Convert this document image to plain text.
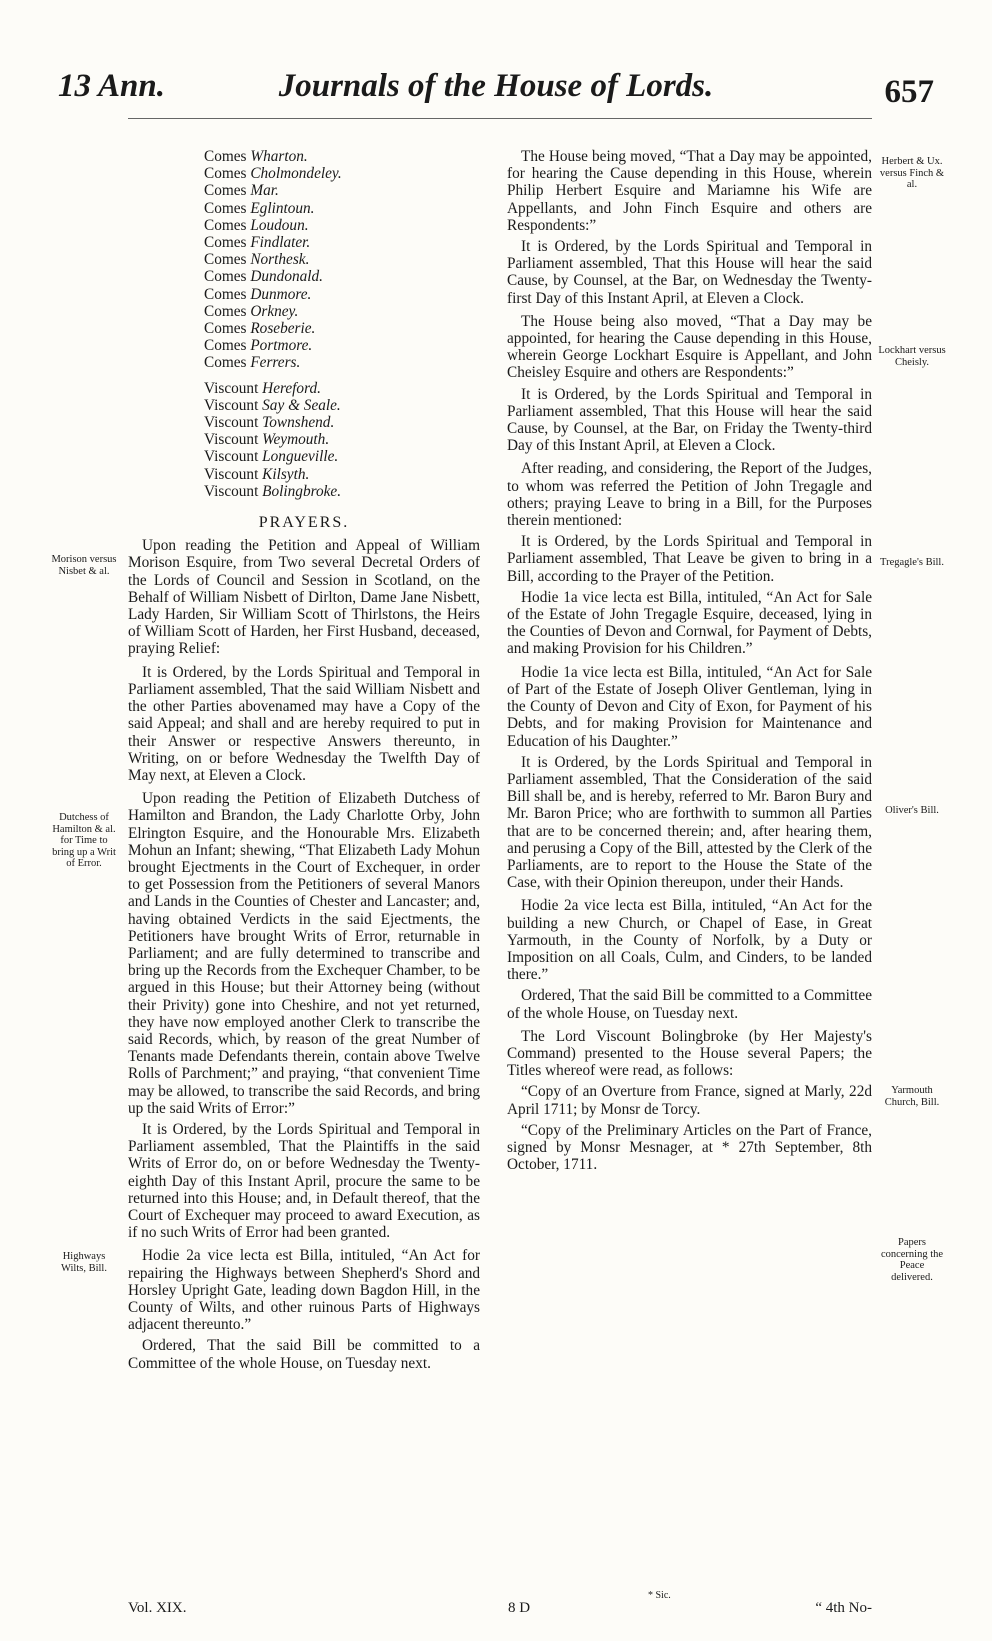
13 Ann.	Journals of the House of Lords.	657
Comes Wharton.
Comes Cholmondeley.
Comes Mar.
Comes Eglintoun.
Comes Loudoun.
Comes Findlater.
Comes Northesk.
Comes Dundonald.
Comes Dunmore.
Comes Orkney.
Comes Roseberie.
Comes Portmore.
Comes Ferrers.
Viscount Hereford.
Viscount Say & Seale.
Viscount Townshend.
Viscount Weymouth.
Viscount Longueville.
Viscount Kilsyth.
Viscount Bolingbroke.
PRAYERS.

Upon reading the Petition and Appeal of William Morison Esquire, from Two several Decretal Orders of the Lords of Council and Session in Scotland, on the Behalf of William Nisbett of Dirlton, Dame Jane Nisbett, Lady Harden, Sir William Scott of Thirlstons, the Heirs of William Scott of Harden, her First Husband, deceased, praying Relief:

It is Ordered, by the Lords Spiritual and Temporal in Parliament assembled, That the said William Nisbett and the other Parties abovenamed may have a Copy of the said Appeal; and shall and are hereby required to put in their Answer or respective Answers thereunto, in Writing, on or before Wednesday the Twelfth Day of May next, at Eleven a Clock.

Upon reading the Petition of Elizabeth Dutchess of Hamilton and Brandon, the Lady Charlotte Orby, John Elrington Esquire, and the Honourable Mrs. Elizabeth Mohun an Infant; shewing, “That Elizabeth Lady Mohun brought Ejectments in the Court of Exchequer, in order to get Possession from the Petitioners of several Manors and Lands in the Counties of Chester and Lancaster; and, having obtained Verdicts in the said Ejectments, the Petitioners have brought Writs of Error, returnable in Parliament; and are fully determined to transcribe and bring up the Records from the Exchequer Chamber, to be argued in this House; but their Attorney being (without their Privity) gone into Cheshire, and not yet returned, they have now employed another Clerk to transcribe the said Records, which, by reason of the great Number of Tenants made Defendants therein, contain above Twelve Rolls of Parchment;” and praying, “that convenient Time may be allowed, to transcribe the said Records, and bring up the said Writs of Error:”

It is Ordered, by the Lords Spiritual and Temporal in Parliament assembled, That the Plaintiffs in the said Writs of Error do, on or before Wednesday the Twenty-eighth Day of this Instant April, procure the same to be returned into this House; and, in Default thereof, that the Court of Exchequer may proceed to award Execution, as if no such Writs of Error had been granted.

Hodie 2a vice lecta est Billa, intituled, “An Act for repairing the Highways between Shepherd's Shord and Horsley Upright Gate, leading down Bagdon Hill, in the County of Wilts, and other ruinous Parts of Highways adjacent thereunto.”

Ordered, That the said Bill be committed to a Committee of the whole House, on Tuesday next.

The House being moved, “That a Day may be appointed, for hearing the Cause depending in this House, wherein Philip Herbert Esquire and Mariamne his Wife are Appellants, and John Finch Esquire and others are Respondents:”

It is Ordered, by the Lords Spiritual and Temporal in Parliament assembled, That this House will hear the said Cause, by Counsel, at the Bar, on Wednesday the Twenty-first Day of this Instant April, at Eleven a Clock.

The House being also moved, “That a Day may be appointed, for hearing the Cause depending in this House, wherein George Lockhart Esquire is Appellant, and John Cheisley Esquire and others are Respondents:”

It is Ordered, by the Lords Spiritual and Temporal in Parliament assembled, That this House will hear the said Cause, by Counsel, at the Bar, on Friday the Twenty-third Day of this Instant April, at Eleven a Clock.

After reading, and considering, the Report of the Judges, to whom was referred the Petition of John Tregagle and others; praying Leave to bring in a Bill, for the Purposes therein mentioned:

It is Ordered, by the Lords Spiritual and Temporal in Parliament assembled, That Leave be given to bring in a Bill, according to the Prayer of the Petition.

Hodie 1a vice lecta est Billa, intituled, “An Act for Sale of the Estate of John Tregagle Esquire, deceased, lying in the Counties of Devon and Cornwal, for Payment of Debts, and making Provision for his Children.”

Hodie 1a vice lecta est Billa, intituled, “An Act for Sale of Part of the Estate of Joseph Oliver Gentleman, lying in the County of Devon and City of Exon, for Payment of his Debts, and for making Provision for Maintenance and Education of his Daughter.”

It is Ordered, by the Lords Spiritual and Temporal in Parliament assembled, That the Consideration of the said Bill shall be, and is hereby, referred to Mr. Baron Bury and Mr. Baron Price; who are forthwith to summon all Parties that are to be concerned therein; and, after hearing them, and perusing a Copy of the Bill, attested by the Clerk of the Parliaments, are to report to the House the State of the Case, with their Opinion thereupon, under their Hands.

Hodie 2a vice lecta est Billa, intituled, “An Act for the building a new Church, or Chapel of Ease, in Great Yarmouth, in the County of Norfolk, by a Duty or Imposition on all Coals, Culm, and Cinders, to be landed there.”

Ordered, That the said Bill be committed to a Committee of the whole House, on Tuesday next.

The Lord Viscount Bolingbroke (by Her Majesty's Command) presented to the House several Papers; the Titles whereof were read, as follows:

“Copy of an Overture from France, signed at Marly, 22d April 1711; by Monsr de Torcy.

“Copy of the Preliminary Articles on the Part of France, signed by Monsr Mesnager, at * 27th September, 8th October, 1711.

Morison versus Nisbet & al.
Dutchess of Hamilton & al. for Time to bring up a Writ of Error.
Highways Wilts, Bill.
Herbert & Ux. versus Finch & al.
Lockhart versus Cheisly.
Tregagle's Bill.
Oliver's Bill.
Yarmouth Church, Bill.
Papers concerning the Peace delivered.
Vol. XIX.	8 D
* Sic.
“ 4th No-
